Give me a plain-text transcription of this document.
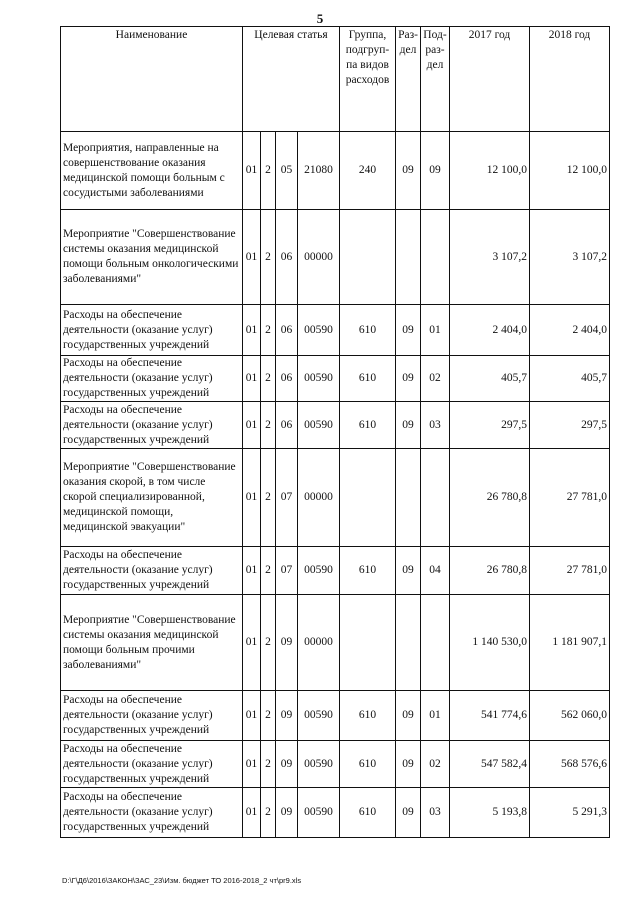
5
Наименование	Целевая статья				Группа, подгруп-па видов расходов	Раз-дел	Под-раз-дел	2017 год	2018 год
Мероприятия, направленные на совершенствование оказания медицинской помощи больным с сосудистыми заболеваниями	01	2	05	21080	240	09	09	12 100,0	12 100,0
Мероприятие "Совершенствование системы оказания медицинской помощи больным онкологическими заболеваниями"	01	2	06	00000				3 107,2	3 107,2
Расходы на обеспечение деятельности (оказание услуг) государственных учреждений	01	2	06	00590	610	09	01	2 404,0	2 404,0
Расходы на обеспечение деятельности (оказание услуг) государственных учреждений	01	2	06	00590	610	09	02	405,7	405,7
Расходы на обеспечение деятельности (оказание услуг) государственных учреждений	01	2	06	00590	610	09	03	297,5	297,5
Мероприятие "Совершенствование оказания скорой, в том числе скорой специализированной, медицинской помощи, медицинской эвакуации"	01	2	07	00000				26 780,8	27 781,0
Расходы на обеспечение деятельности (оказание услуг) государственных учреждений	01	2	07	00590	610	09	04	26 780,8	27 781,0
Мероприятие "Совершенствование системы оказания медицинской помощи больным прочими заболеваниями"	01	2	09	00000				1 140 530,0	1 181 907,1
Расходы на обеспечение деятельности (оказание услуг) государственных учреждений	01	2	09	00590	610	09	01	541 774,6	562 060,0
Расходы на обеспечение деятельности (оказание услуг) государственных учреждений	01	2	09	00590	610	09	02	547 582,4	568 576,6
Расходы на обеспечение деятельности (оказание услуг) государственных учреждений	01	2	09	00590	610	09	03	5 193,8	5 291,3
D:\Г\Д6\2016\ЗАКОН\ЗАС_23\Изм. бюджет ТО 2016-2018_2 чт\pr9.xls
